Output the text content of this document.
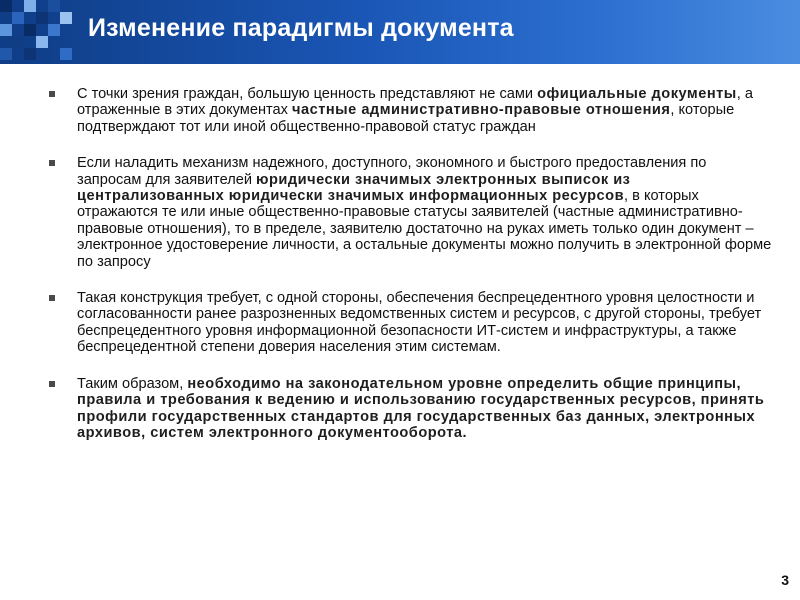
Изменение парадигмы документа
С точки зрения граждан, большую ценность представляют не сами официальные документы, а отраженные в этих документах частные административно-правовые отношения, которые подтверждают тот или иной общественно-правовой статус граждан
Если наладить механизм надежного, доступного, экономного и быстрого предоставления по запросам для заявителей юридически значимых электронных выписок из централизованных юридически значимых информационных ресурсов, в которых отражаются те или иные общественно-правовые статусы заявителей (частные административно-правовые отношения), то в пределе, заявителю достаточно на руках иметь только один документ – электронное удостоверение личности, а остальные документы можно получить в электронной форме по запросу
Такая конструкция требует, с одной стороны, обеспечения беспрецедентного уровня целостности и согласованности ранее разрозненных ведомственных систем и ресурсов, с другой стороны, требует беспрецедентного уровня информационной безопасности ИТ-систем и инфраструктуры, а также беспрецедентной степени доверия населения этим системам.
Таким образом, необходимо на законодательном уровне определить общие принципы, правила и требования к ведению и использованию государственных ресурсов, принять профили государственных стандартов для государственных баз данных, электронных архивов, систем электронного документооборота.
3
